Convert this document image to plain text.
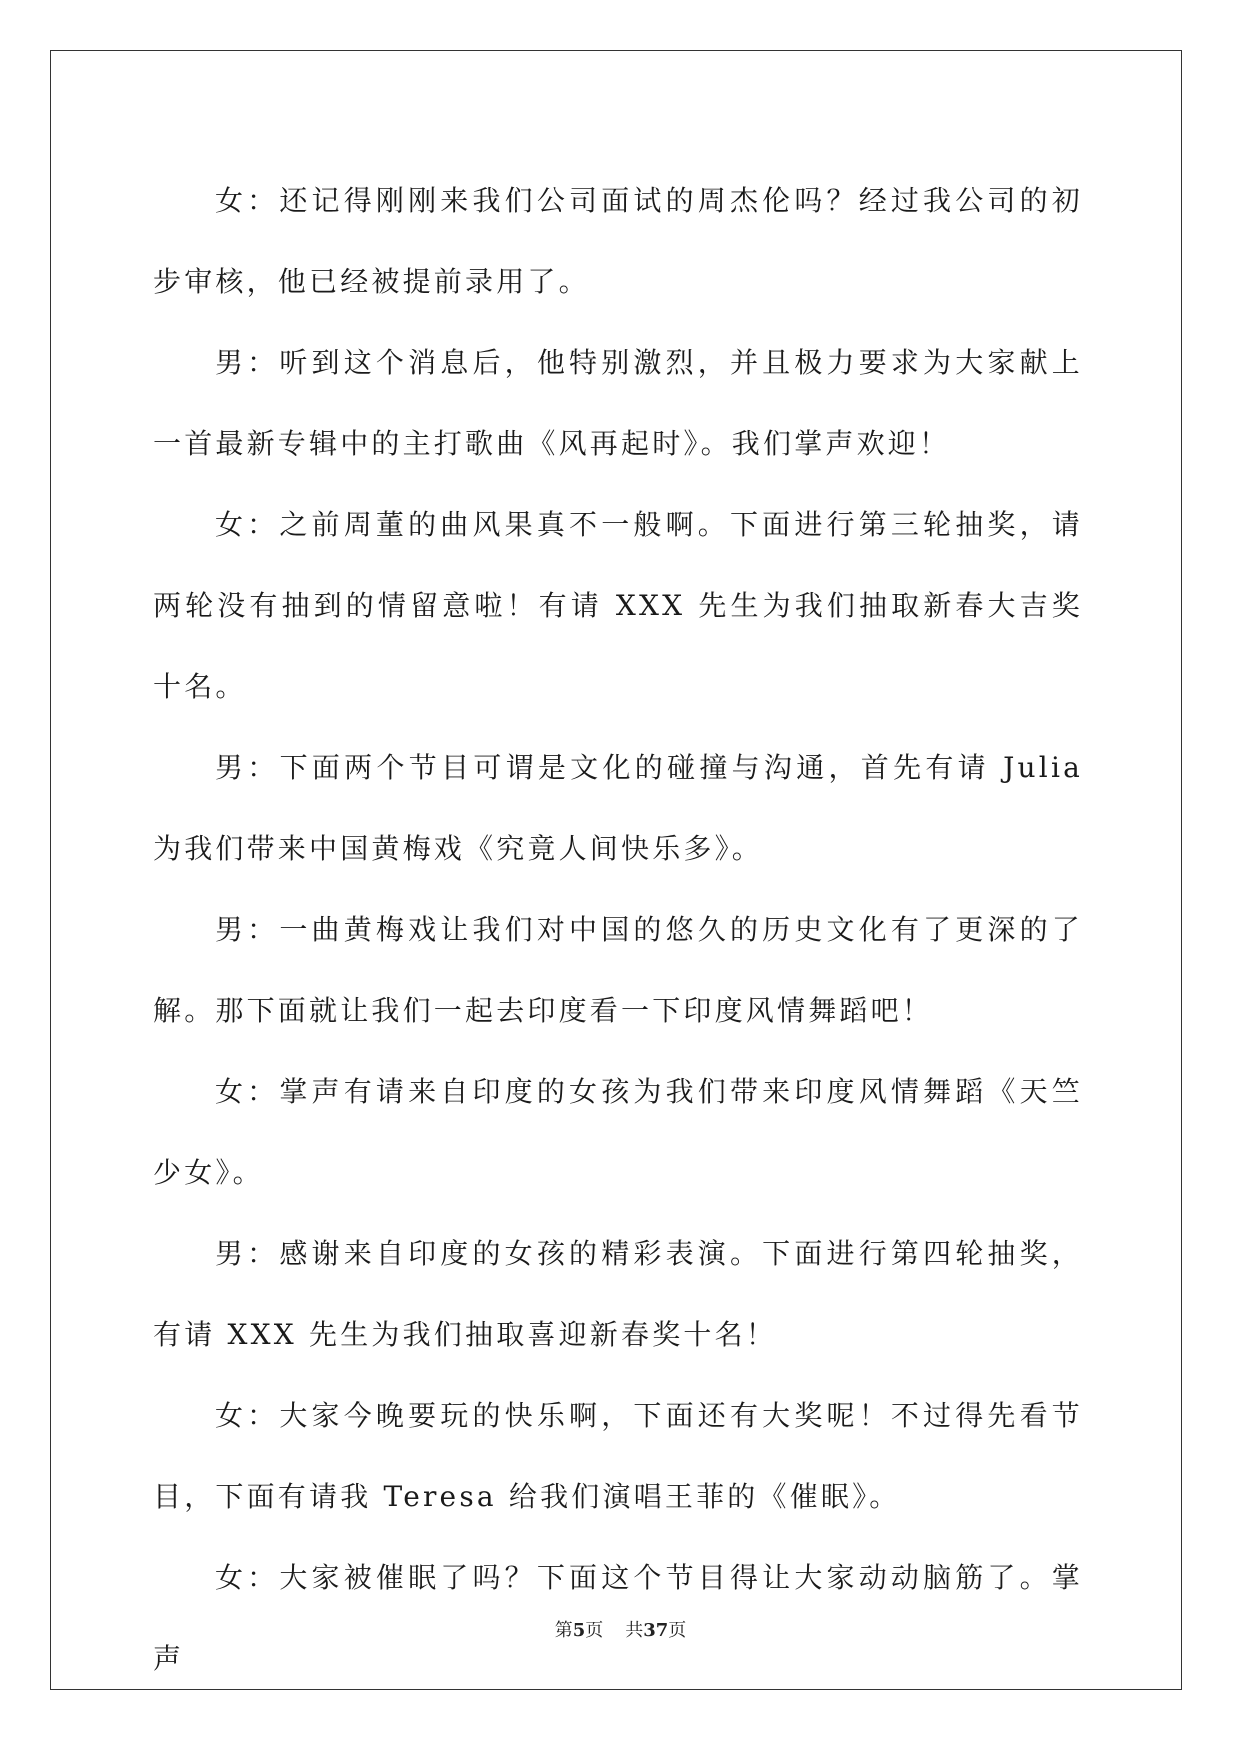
女：还记得刚刚来我们公司面试的周杰伦吗？经过我公司的初步审核，他已经被提前录用了。

男：听到这个消息后，他特别激烈，并且极力要求为大家献上一首最新专辑中的主打歌曲《风再起时》。我们掌声欢迎！

女：之前周董的曲风果真不一般啊。下面进行第三轮抽奖，请两轮没有抽到的情留意啦！有请 XXX 先生为我们抽取新春大吉奖十名。

男：下面两个节目可谓是文化的碰撞与沟通，首先有请 Julia 为我们带来中国黄梅戏《究竟人间快乐多》。

男：一曲黄梅戏让我们对中国的悠久的历史文化有了更深的了解。那下面就让我们一起去印度看一下印度风情舞蹈吧！

女：掌声有请来自印度的女孩为我们带来印度风情舞蹈《天竺少女》。

男：感谢来自印度的女孩的精彩表演。下面进行第四轮抽奖，有请 XXX 先生为我们抽取喜迎新春奖十名！

女：大家今晚要玩的快乐啊，下面还有大奖呢！不过得先看节目，下面有请我 Teresa 给我们演唱王菲的《催眠》。

女：大家被催眠了吗？下面这个节目得让大家动动脑筋了。掌声

第5页 共37页
